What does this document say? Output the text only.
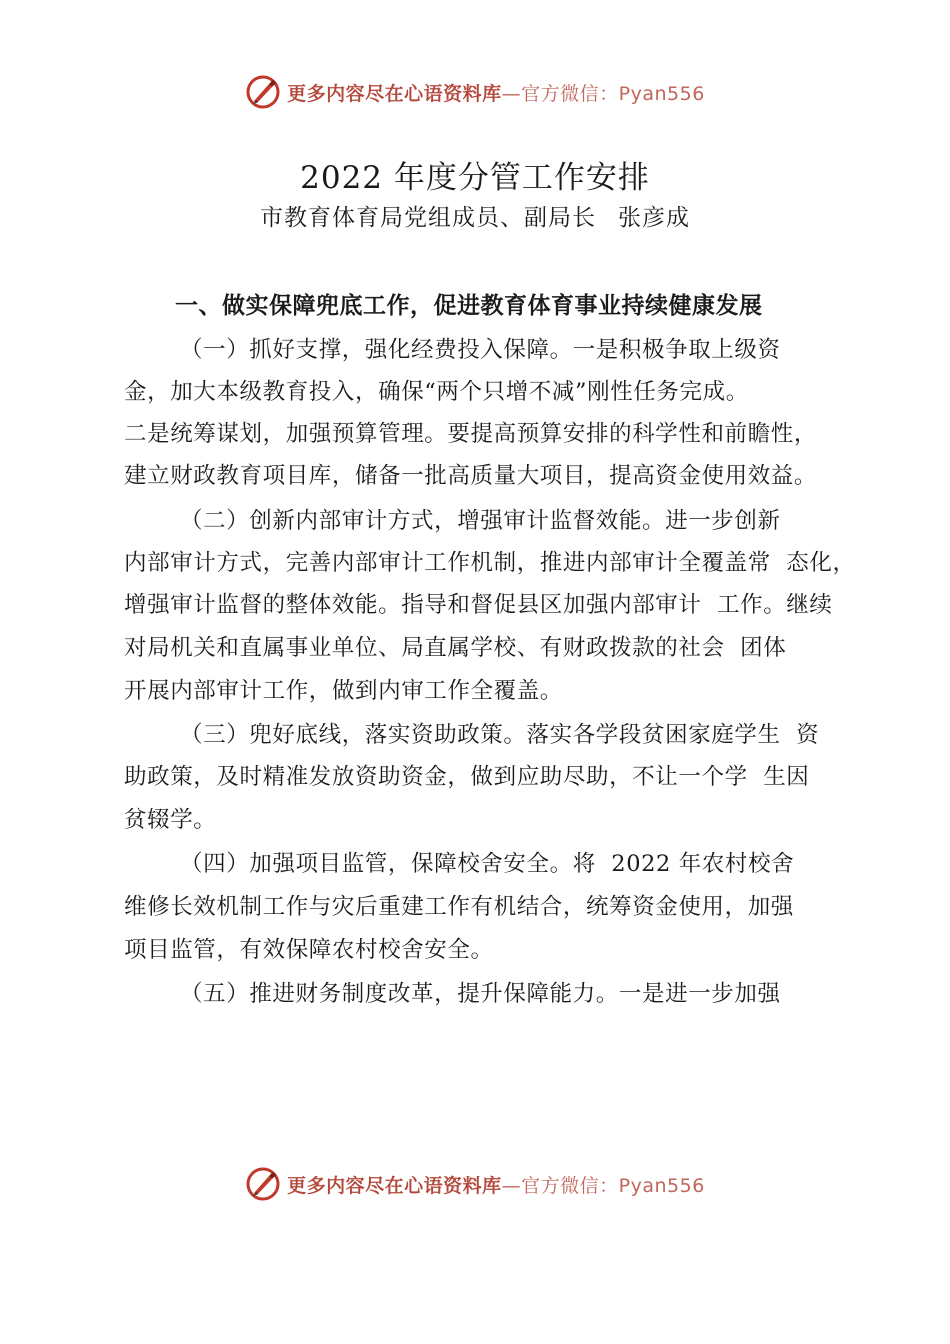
更多内容尽在心语资料库—官方微信：Pyan556
2022 年度分管工作安排

市教育体育局党组成员、副局长 张彦成

一、做实保障兜底工作，促进教育体育事业持续健康发展
（一）抓好支撑，强化经费投入保障。一是积极争取上级资
金，加大本级教育投入，确保“两个只增不减”刚性任务完成。
二是统筹谋划，加强预算管理。要提高预算安排的科学性和前瞻性，
建立财政教育项目库，储备一批高质量大项目，提高资金使用效益。
（二）创新内部审计方式，增强审计监督效能。进一步创新
内部审计方式，完善内部审计工作机制，推进内部审计全覆盖常  态化，
增强审计监督的整体效能。指导和督促县区加强内部审计  工作。继续
对局机关和直属事业单位、局直属学校、有财政拨款的社会  团体
开展内部审计工作，做到内审工作全覆盖。
（三）兜好底线，落实资助政策。落实各学段贫困家庭学生  资
助政策，及时精准发放资助资金，做到应助尽助，不让一个学  生因
贫辍学。
（四）加强项目监管，保障校舍安全。将  2022 年农村校舍
维修长效机制工作与灾后重建工作有机结合，统筹资金使用，加强
项目监管，有效保障农村校舍安全。
（五）推进财务制度改革，提升保障能力。一是进一步加强
更多内容尽在心语资料库—官方微信：Pyan556
